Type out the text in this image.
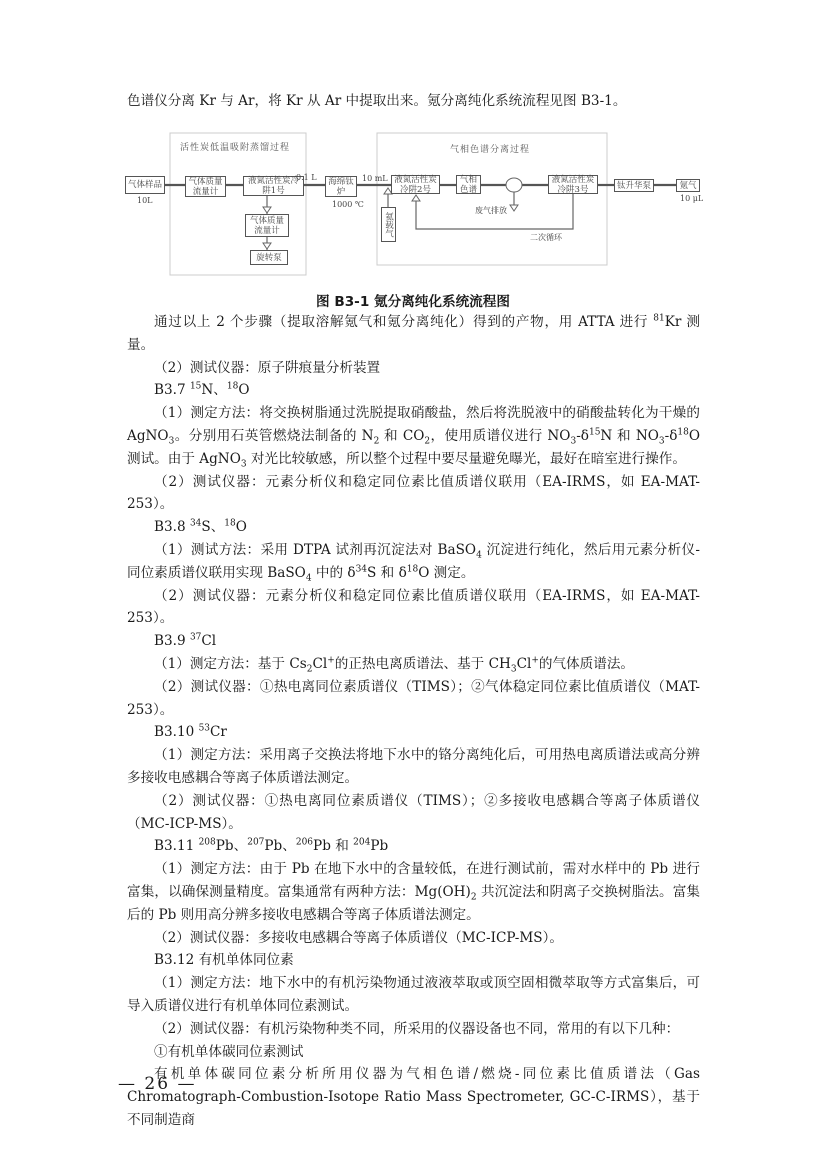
色谱仪分离 Kr 与 Ar，将 Kr 从 Ar 中提取出来。氪分离纯化系统流程见图 B3-1。

活性炭低温吸附蒸馏过程	气相色谱分离过程
气体样品
10L
气体质量流量计
液氮活性炭冷阱1号
0.1 L
气体质量流量计
旋转泵
海绵钛炉
1000 ℃
10 mL 液氮活性炭冷阱2号
氦载气
气相色谱
液氮活性炭冷阱3号
废气排放
二次循环
钛升华泵	氪气
10 μL
图 B3-1 氪分离纯化系统流程图

通过以上 2 个步骤（提取溶解氪气和氪分离纯化）得到的产物，用 ATTA 进行 $^{81}$Kr 测量。

（2）测试仪器：原子阱痕量分析装置

B3.7 $^{15}$N、$^{18}$O

（1）测定方法：将交换树脂通过洗脱提取硝酸盐，然后将洗脱液中的硝酸盐转化为干燥的 AgNO$_3$。分别用石英管燃烧法制备的 $N_2$ 和 $CO_2$，使用质谱仪进行 $NO_3-\delta^{15}N$ 和 $NO_3-\delta^{18}O$ 测试。由于 AgNO$_3$ 对光比较敏感，所以整个过程中要尽量避免曝光，最好在暗室进行操作。

（2）测试仪器：元素分析仪和稳定同位素比值质谱仪联用（EA-IRMS，如 EA-MAT-253）。

B3.8 $^{34}$S、$^{18}$O

（1）测试方法：采用 DTPA 试剂再沉淀法对 BaSO$_4$ 沉淀进行纯化，然后用元素分析仪-同位素质谱仪联用实现 BaSO$_4$ 中的 $\delta^{34}S$ 和 $\delta^{18}O$ 测定。

（2）测试仪器：元素分析仪和稳定同位素比值质谱仪联用（EA-IRMS，如 EA-MAT-253）。

B3.9 $^{37}$Cl

（1）测定方法：基于 $Cs_2Cl^+$的正热电离质谱法、基于 $CH_3Cl^+$的气体质谱法。

（2）测试仪器：①热电离同位素质谱仪（TIMS）；②气体稳定同位素比值质谱仪（MAT-253）。

B3.10 $^{53}$Cr

（1）测定方法：采用离子交换法将地下水中的铬分离纯化后，可用热电离质谱法或高分辨多接收电感耦合等离子体质谱法测定。

（2）测试仪器：①热电离同位素质谱仪（TIMS）；②多接收电感耦合等离子体质谱仪（MC-ICP-MS）。

B3.11 $^{208}$Pb、$^{207}$Pb、$^{206}$Pb 和 $^{204}$Pb

（1）测定方法：由于 Pb 在地下水中的含量较低，在进行测试前，需对水样中的 Pb 进行富集，以确保测量精度。富集通常有两种方法：$Mg(OH)_2$ 共沉淀法和阴离子交换树脂法。富集后的 Pb 则用高分辨多接收电感耦合等离子体质谱法测定。

（2）测试仪器：多接收电感耦合等离子体质谱仪（MC-ICP-MS）。

B3.12 有机单体同位素

（1）测定方法：地下水中的有机污染物通过液液萃取或顶空固相微萃取等方式富集后，可导入质谱仪进行有机单体同位素测试。

（2）测试仪器：有机污染物种类不同，所采用的仪器设备也不同，常用的有以下几种：

①有机单体碳同位素测试

有机单体碳同位素分析所用仪器为气相色谱/燃烧-同位素比值质谱法（Gas Chromatograph-Combustion-Isotope Ratio Mass Spectrometer, GC-C-IRMS），基于不同制造商

— 26 —
